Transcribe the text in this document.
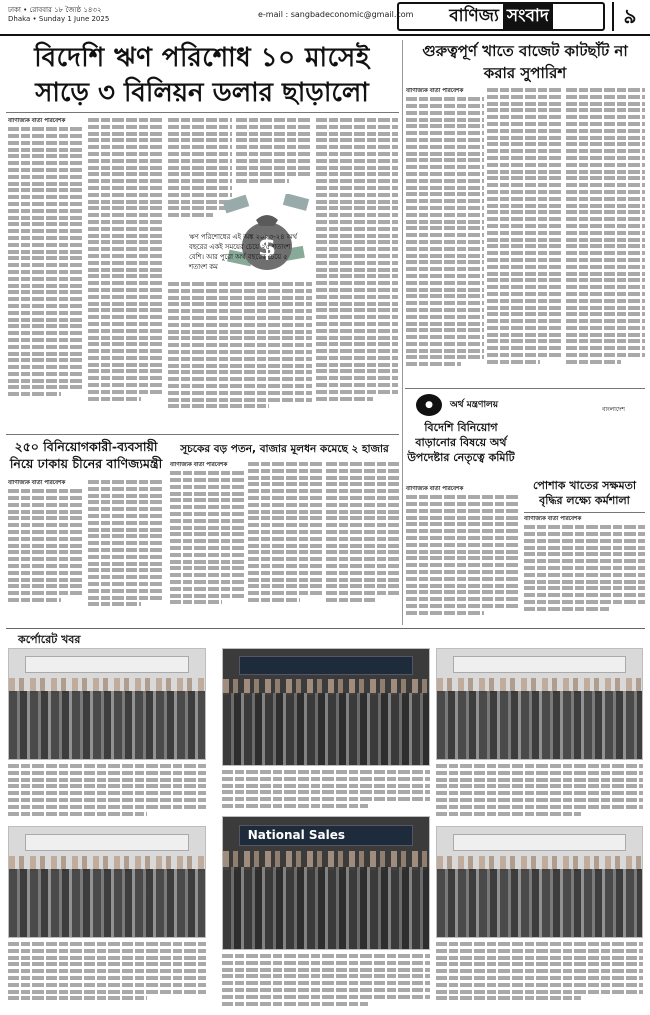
ঢাকা • রোববার ১৮ জ্যৈষ্ঠ ১৪৩২
Dhaka • Sunday 1 June 2025	e-mail : sangbadeconomic@gmail.com বাণিজ্য সংবাদ	৯
বিদেশি ঋণ পরিশোধ ১০ মাসেই
সাড়ে ৩ বিলিয়ন ডলার ছাড়ালো
গুরুত্বপূর্ণ খাতে বাজেট কাটছাঁট না করার সুপারিশ
বাণিজ্যিক বার্তা পরিবেশক
$
ঋণ পরিশোধের এই অঙ্ক ২০২৩-২৪ অর্থ বছরের একই সময়ের চেয়ে ২৫ শতাংশ বেশি। আর পুরো অর্থ বছরের চেয়ে ৫ শতাংশ কম
২৫০ বিনিয়োগকারী-ব্যবসায়ী নিয়ে ঢাকায় চীনের বাণিজ্যমন্ত্রী
সূচকের বড় পতন, বাজার মূলধন কমেছে ২ হাজার
বাণিজ্যিক বার্তা পরিবেশক
বাণিজ্যিক বার্তা পরিবেশক
বাণিজ্যিক বার্তা পরিবেশক
●	অর্থ মন্ত্রণালয়	বাংলাদেশ
বিদেশি বিনিয়োগ বাড়ানোর বিষয়ে অর্থ উপদেষ্টার নেতৃত্বে কমিটি
বাণিজ্যিক বার্তা পরিবেশক	পোশাক খাতের সক্ষমতা বৃদ্ধির লক্ষ্যে কর্মশালা
বাণিজ্যিক বার্তা পরিবেশক
কর্পোরেট খবর
National Sales
